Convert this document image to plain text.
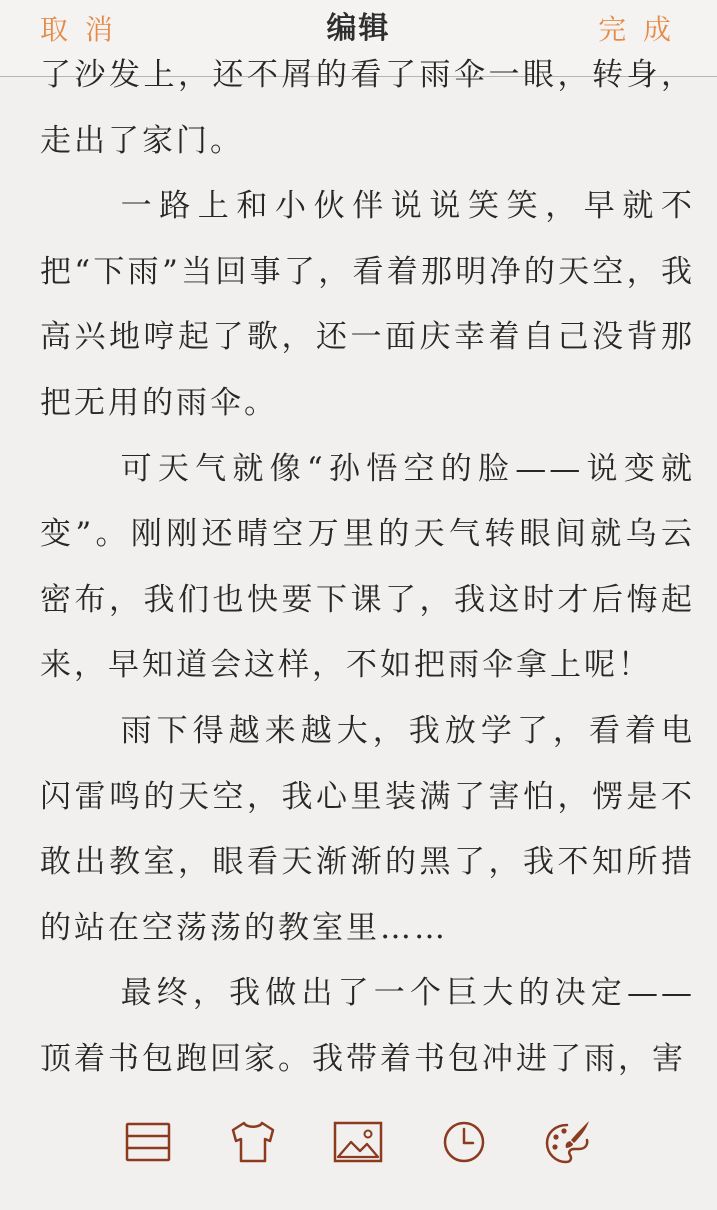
取 消	编辑	完 成

了沙发上，还不屑的看了雨伞一眼，转身，走出了家门。

一路上和小伙伴说说笑笑，早就不把“下雨”当回事了，看着那明净的天空，我高兴地哼起了歌，还一面庆幸着自己没背那把无用的雨伞。

可天气就像“孙悟空的脸——说变就变”。刚刚还晴空万里的天气转眼间就乌云密布，我们也快要下课了，我这时才后悔起来，早知道会这样，不如把雨伞拿上呢！

雨下得越来越大，我放学了，看着电闪雷鸣的天空，我心里装满了害怕，愣是不敢出教室，眼看天渐渐的黑了，我不知所措的站在空荡荡的教室里……

最终，我做出了一个巨大的决定——顶着书包跑回家。我带着书包冲进了雨，害
